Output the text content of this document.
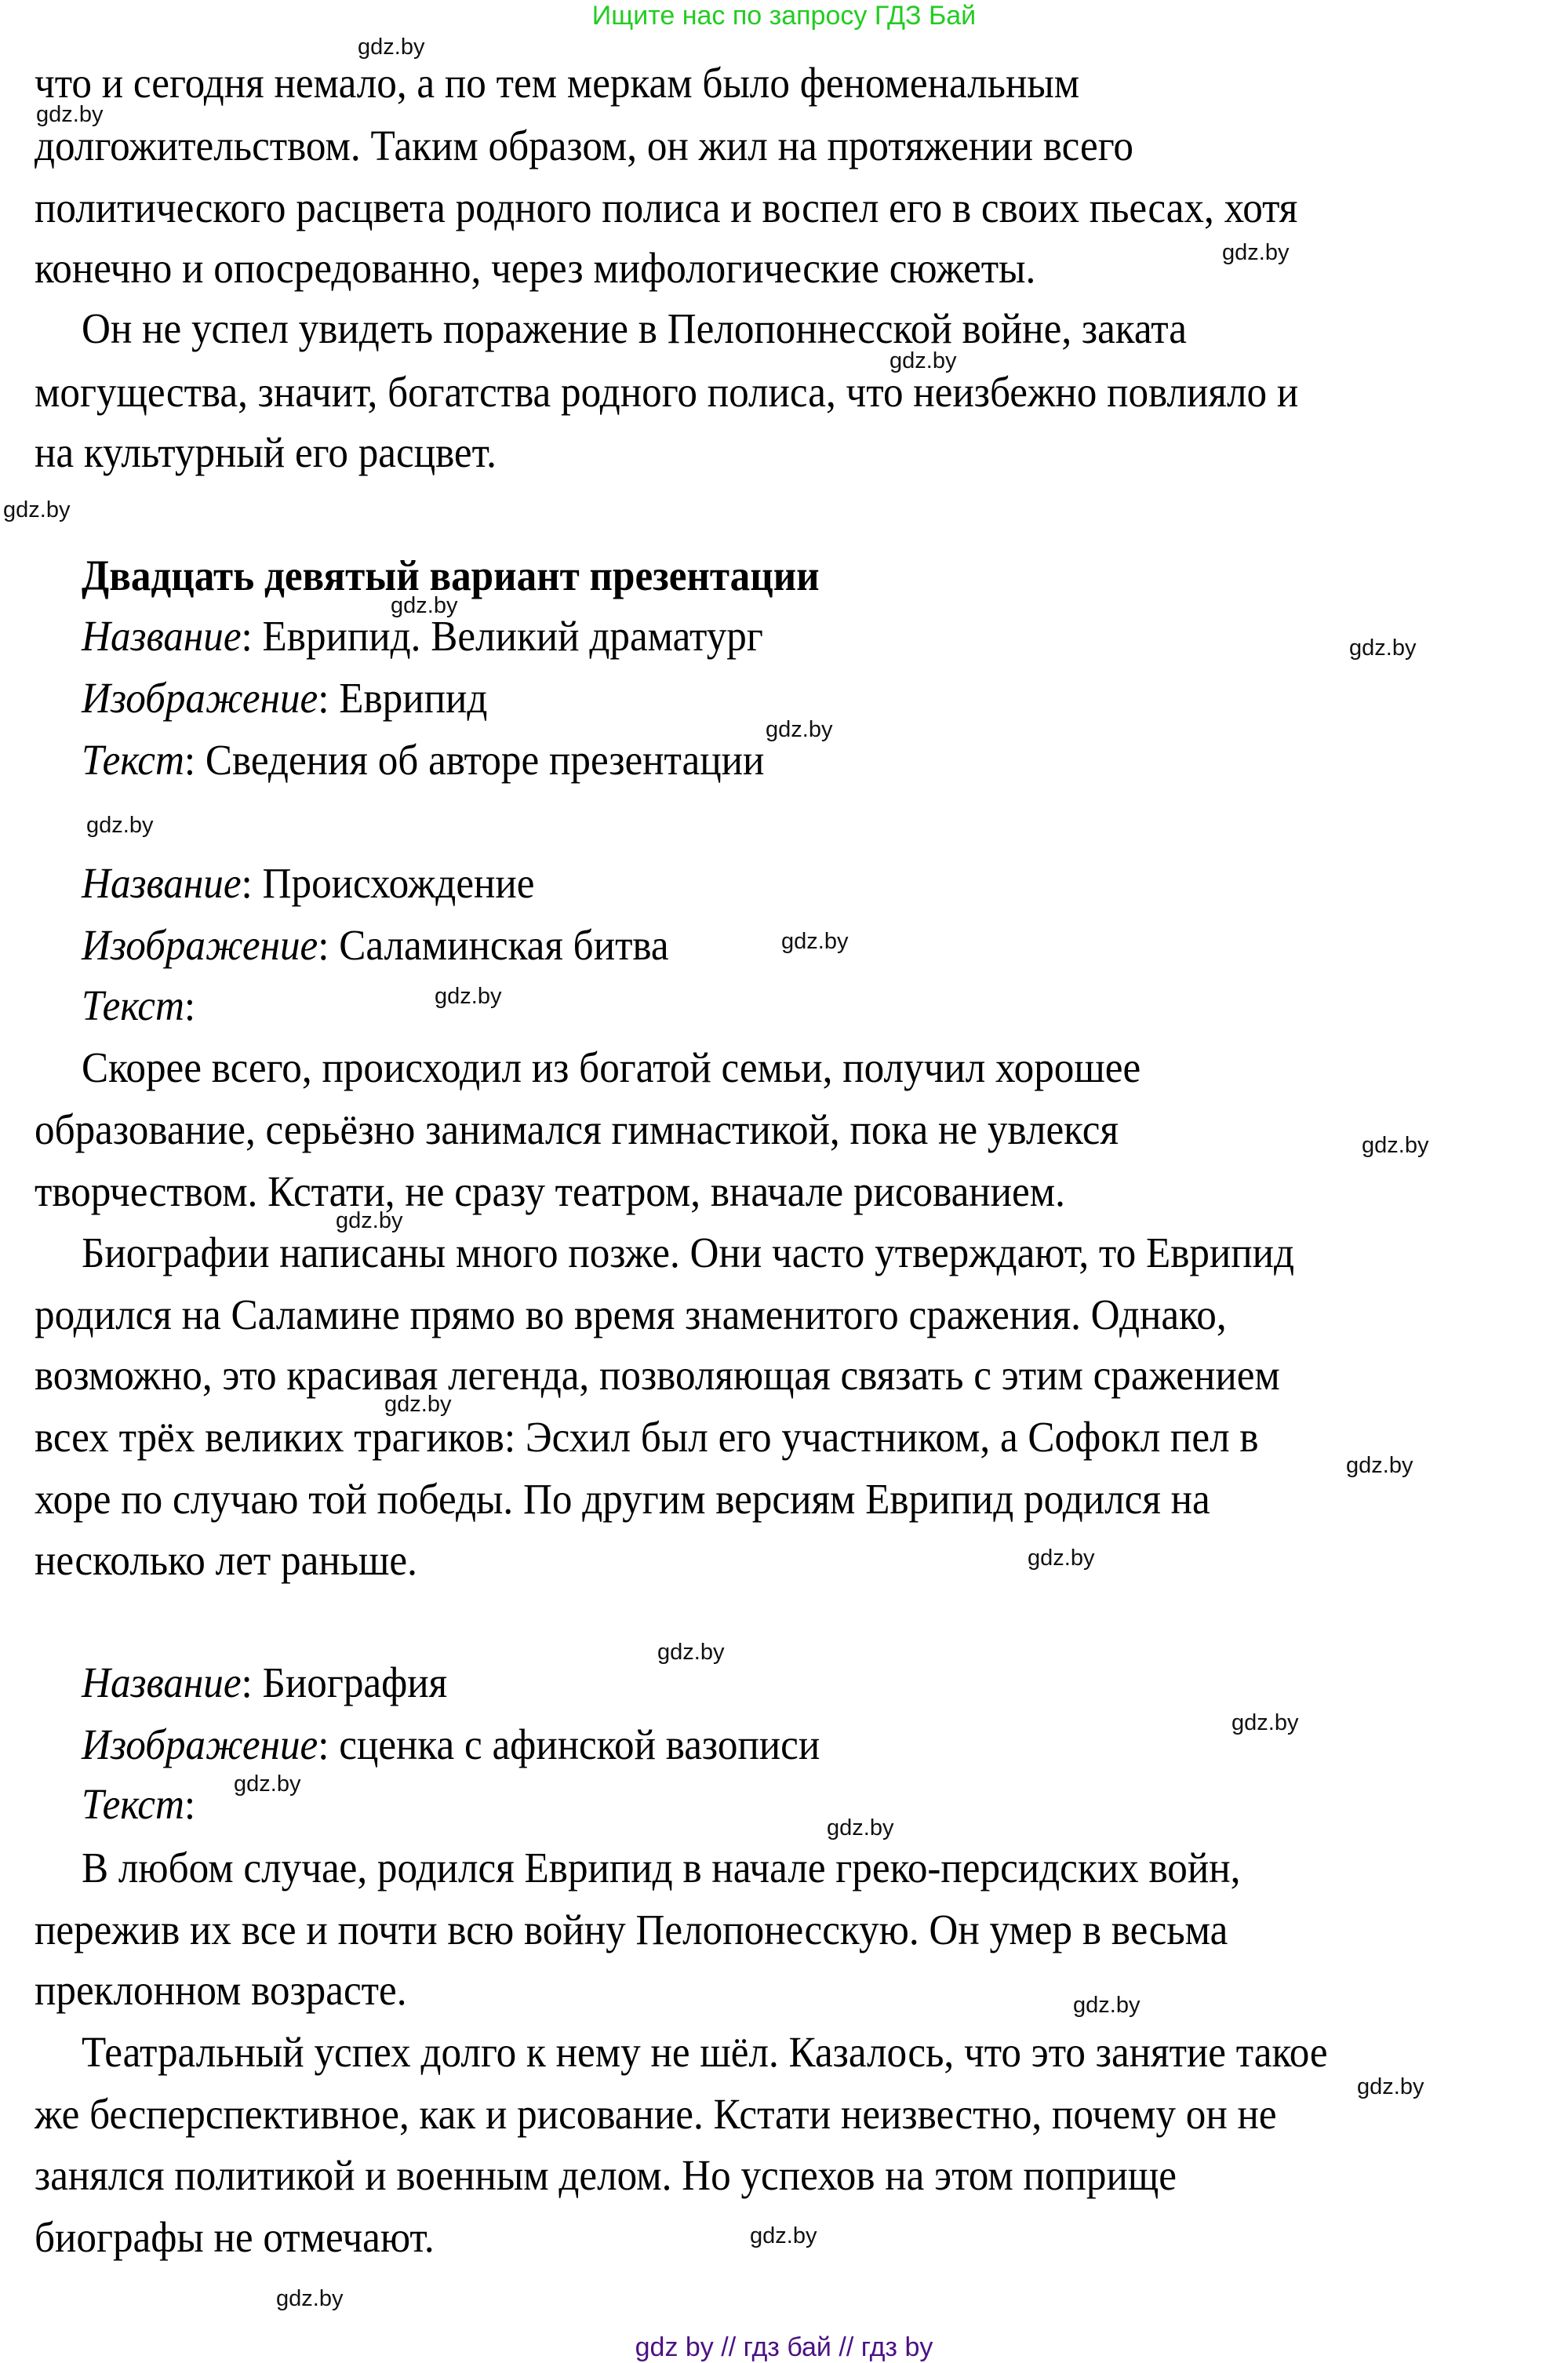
Ищите нас по запросу ГДЗ Бай
что и сегодня немало, а по тем меркам было феноменальным
долгожительством. Таким образом, он жил на протяжении всего
политического расцвета родного полиса и воспел его в своих пьесах, хотя
конечно и опосредованно, через мифологические сюжеты.
Он не успел увидеть поражение в Пелопоннесской войне, заката
могущества, значит, богатства родного полиса, что неизбежно повлияло и
на культурный его расцвет.
Двадцать девятый вариант презентации
Название: Еврипид. Великий драматург
Изображение: Еврипид
Текст: Сведения об авторе презентации
Название: Происхождение
Изображение: Саламинская битва
Текст:
Скорее всего, происходил из богатой семьи, получил хорошее
образование, серьёзно занимался гимнастикой, пока не увлекся
творчеством. Кстати, не сразу театром, вначале рисованием.
Биографии написаны много позже. Они часто утверждают, то Еврипид
родился на Саламине прямо во время знаменитого сражения. Однако,
возможно, это красивая легенда, позволяющая связать с этим сражением
всех трёх великих трагиков: Эсхил был его участником, а Софокл пел в
хоре по случаю той победы. По другим версиям Еврипид родился на
несколько лет раньше.
Название: Биография
Изображение: сценка с афинской вазописи
Текст:
В любом случае, родился Еврипид в начале греко-персидских войн,
пережив их все и почти всю войну Пелопонесскую. Он умер в весьма
преклонном возрасте.
Театральный успех долго к нему не шёл. Казалось, что это занятие такое
же бесперспективное, как и рисование. Кстати неизвестно, почему он не
занялся политикой и военным делом. Но успехов на этом поприще
биографы не отмечают.
gdz.by
gdz.by
gdz.by
gdz.by
gdz.by
gdz.by
gdz.by
gdz.by
gdz.by
gdz.by
gdz.by
gdz.by
gdz.by
gdz.by
gdz.by
gdz.by
gdz.by
gdz.by
gdz.by
gdz.by
gdz.by
gdz.by
gdz.by
gdz.by
gdz by // гдз бай // гдз by
